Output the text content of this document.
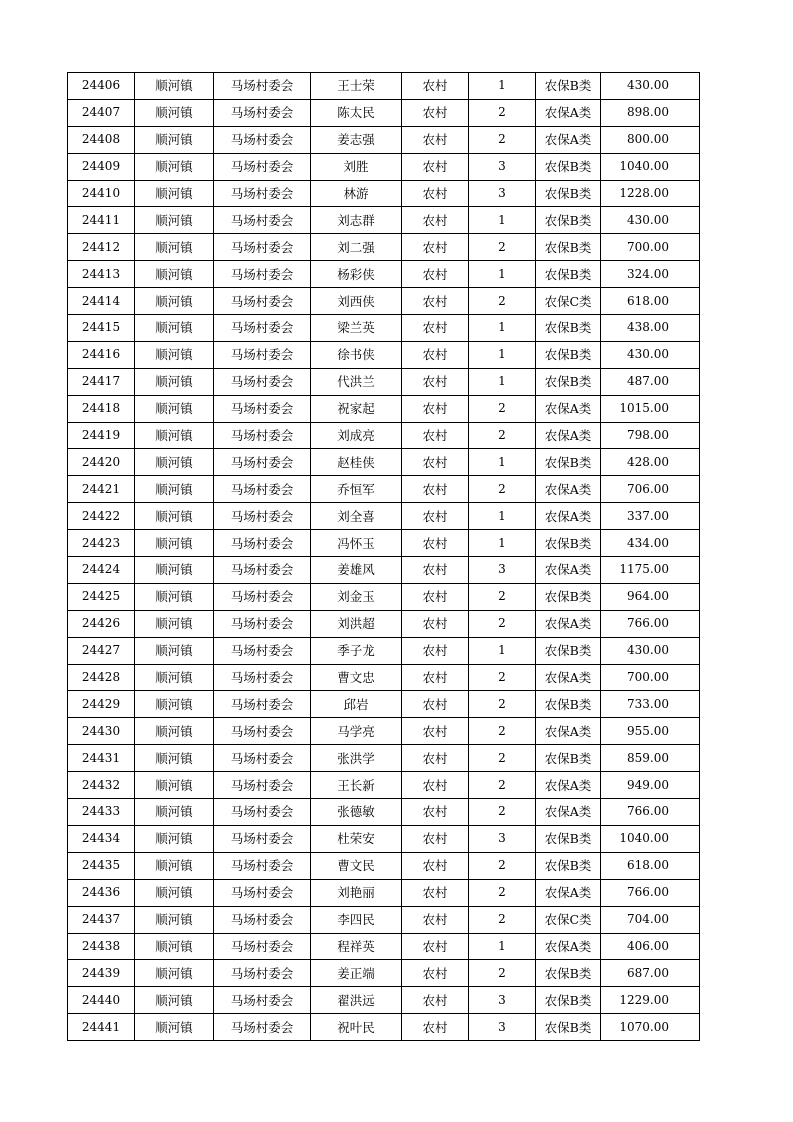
24406	顺河镇	马场村委会	王士荣	农村	1	农保B类	430.00
24407	顺河镇	马场村委会	陈太民	农村	2	农保A类	898.00
24408	顺河镇	马场村委会	姜志强	农村	2	农保A类	800.00
24409	顺河镇	马场村委会	刘胜	农村	3	农保B类	1040.00
24410	顺河镇	马场村委会	林游	农村	3	农保B类	1228.00
24411	顺河镇	马场村委会	刘志群	农村	1	农保B类	430.00
24412	顺河镇	马场村委会	刘二强	农村	2	农保B类	700.00
24413	顺河镇	马场村委会	杨彩侠	农村	1	农保B类	324.00
24414	顺河镇	马场村委会	刘西侠	农村	2	农保C类	618.00
24415	顺河镇	马场村委会	梁兰英	农村	1	农保B类	438.00
24416	顺河镇	马场村委会	徐书侠	农村	1	农保B类	430.00
24417	顺河镇	马场村委会	代洪兰	农村	1	农保B类	487.00
24418	顺河镇	马场村委会	祝家起	农村	2	农保A类	1015.00
24419	顺河镇	马场村委会	刘成亮	农村	2	农保A类	798.00
24420	顺河镇	马场村委会	赵桂侠	农村	1	农保B类	428.00
24421	顺河镇	马场村委会	乔恒军	农村	2	农保A类	706.00
24422	顺河镇	马场村委会	刘全喜	农村	1	农保A类	337.00
24423	顺河镇	马场村委会	冯怀玉	农村	1	农保B类	434.00
24424	顺河镇	马场村委会	姜雄风	农村	3	农保A类	1175.00
24425	顺河镇	马场村委会	刘金玉	农村	2	农保B类	964.00
24426	顺河镇	马场村委会	刘洪超	农村	2	农保A类	766.00
24427	顺河镇	马场村委会	季子龙	农村	1	农保B类	430.00
24428	顺河镇	马场村委会	曹文忠	农村	2	农保A类	700.00
24429	顺河镇	马场村委会	邱岩	农村	2	农保B类	733.00
24430	顺河镇	马场村委会	马学亮	农村	2	农保A类	955.00
24431	顺河镇	马场村委会	张洪学	农村	2	农保B类	859.00
24432	顺河镇	马场村委会	王长新	农村	2	农保A类	949.00
24433	顺河镇	马场村委会	张德敏	农村	2	农保A类	766.00
24434	顺河镇	马场村委会	杜荣安	农村	3	农保B类	1040.00
24435	顺河镇	马场村委会	曹文民	农村	2	农保B类	618.00
24436	顺河镇	马场村委会	刘艳丽	农村	2	农保A类	766.00
24437	顺河镇	马场村委会	李四民	农村	2	农保C类	704.00
24438	顺河镇	马场村委会	程祥英	农村	1	农保A类	406.00
24439	顺河镇	马场村委会	姜正端	农村	2	农保B类	687.00
24440	顺河镇	马场村委会	翟洪远	农村	3	农保B类	1229.00
24441	顺河镇	马场村委会	祝叶民	农村	3	农保B类	1070.00
